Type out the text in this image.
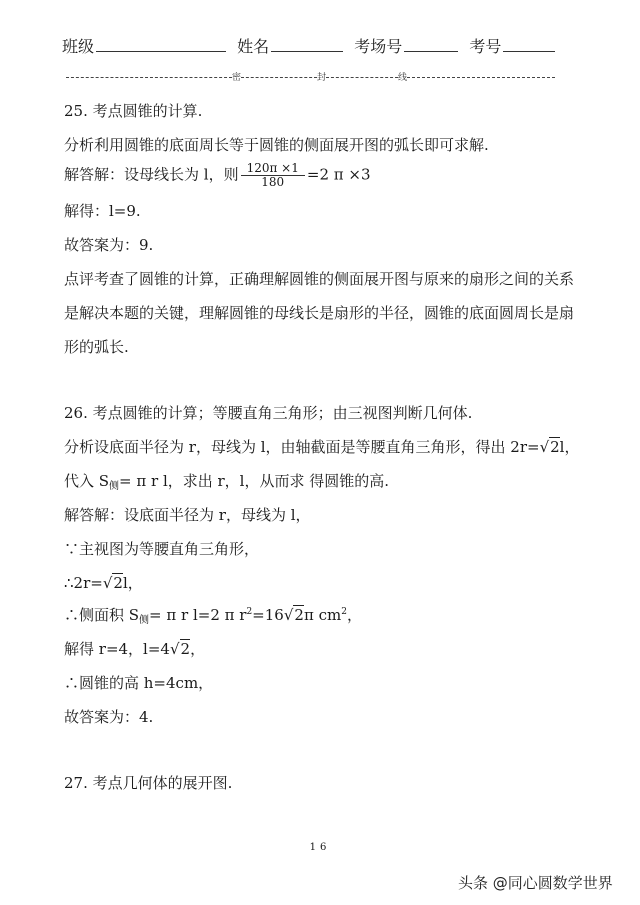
班级	姓名	考场号	考号
密	封	线
25. 考点圆锥的计算.
分析利用圆锥的底面周长等于圆锥的侧面展开图的弧长即可求解.
解答解：设母线长为 l，则 $\frac{120\pi \times 1}{180} =2$ π ×3
解得：l=9.
故答案为：9.
点评考查了圆锥的计算，正确理解圆锥的侧面展开图与原来的扇形之间的关系
是解决本题的关键，理解圆锥的母线长是扇形的半径，圆锥的底面圆周长是扇
形的弧长.
26. 考点圆锥的计算；等腰直角三角形；由三视图判断几何体.
分析设底面半径为 r，母线为 l，由轴截面是等腰直角三角形，得出 2r=√2l，
代入 $S_侧= \pi$ r l，求出 r，l，从而求 得圆锥的高.
解答解：设底面半径为 r，母线为 l，
∵主视图为等腰直角三角形，
∴2r=√2l，
∴侧面积 $S_侧= \pi$ r l=2 π $r^2=16√2\pi$ $cm^2$，
解得 r=4，l=4√2，
∴圆锥的高 h=4cm，
故答案为：4.
27. 考点几何体的展开图.
16
头条 @同心圆数学世界
